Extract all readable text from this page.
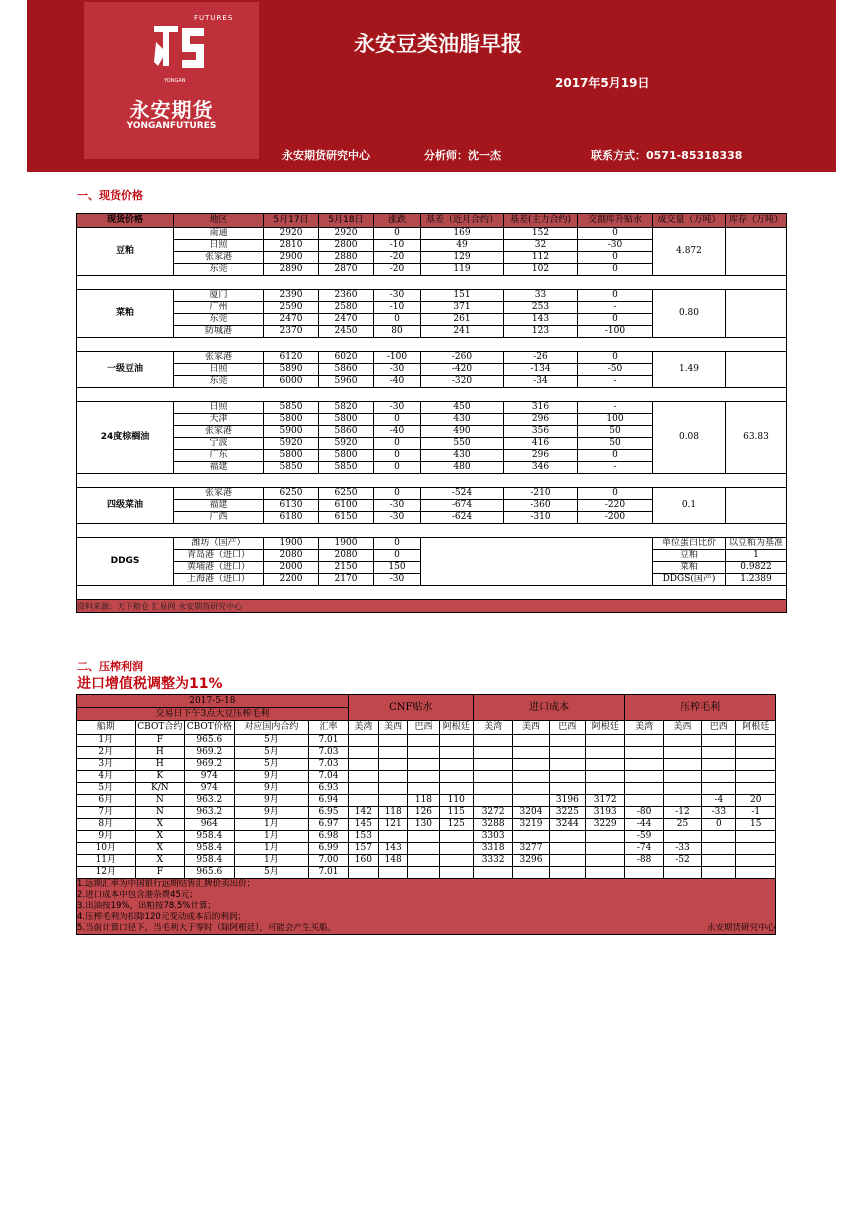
FUTURES
YONGAN
永安期货
YONGANFUTURES
永安豆类油脂早报
2017年5月19日
永安期货研究中心	分析师：沈一杰	联系方式：0571-85318338
一、现货价格
现货价格	地区	5月17日	5月18日	涨跌	基差（近月合约）	基差(主力合约)	交割库升贴水	成交量（万吨）	库存（万吨）
豆粕	南通	2920	2920	0	169	152	0	4.872	
	日照	2810	2800	-10	49	32	-30		
	张家港	2900	2880	-20	129	112	0		
	东莞	2890	2870	-20	119	102	0		

菜粕	厦门	2390	2360	-30	151	33	0	0.80	
	广州	2590	2580	-10	371	253	-		
	东莞	2470	2470	0	261	143	0		
	防城港	2370	2450	80	241	123	-100		

一级豆油	张家港	6120	6020	-100	-260	-26	0	1.49	
	日照	5890	5860	-30	-420	-134	-50		
	东莞	6000	5960	-40	-320	-34	-		

24度棕榈油	日照	5850	5820	-30	450	316	-	0.08	63.83
	天津	5800	5800	0	430	296	100		
	张家港	5900	5860	-40	490	356	50		
	宁波	5920	5920	0	550	416	50		
	广东	5800	5800	0	430	296	0		
	福建	5850	5850	0	480	346	-		

四级菜油	张家港	6250	6250	0	-524	-210	0	0.1	
	福建	6130	6100	-30	-674	-360	-220		
	广西	6180	6150	-30	-624	-310	-200		

DDGS	潍坊（国产）	1900	1900	0				单位蛋白比价	以豆粕为基准
	青岛港（进口）	2080	2080	0				豆粕	1
	黄埔港（进口）	2000	2150	150				菜粕	0.9822
	上海港（进口）	2200	2170	-30				DDGS(国产)	1.2389

资料来源：天下粮仓 汇易网 永安期货研究中心									
二、压榨利润
进口增值税调整为11%
2017-5-18					CNF贴水				进口成本				压榨毛利			
交易日下午3点大豆压榨毛利																
船期	CBOT合约	CBOT价格	对应国内合约	汇率	美湾	美西	巴西	阿根廷	美湾	美西	巴西	阿根廷	美湾	美西	巴西	阿根廷
1月	F	965.6	5月	7.01												
2月	H	969.2	5月	7.03												
3月	H	969.2	5月	7.03												
4月	K	974	9月	7.04												
5月	K/N	974	9月	6.93												
6月	N	963.2	9月	6.94			118	110			3196	3172			-4	20
7月	N	963.2	9月	6.95	142	118	126	115	3272	3204	3225	3193	-80	-12	-33	-1
8月	X	964	1月	6.97	145	121	130	125	3288	3219	3244	3229	-44	25	0	15
9月	X	958.4	1月	6.98	153				3303				-59			
10月	X	958.4	1月	6.99	157	143			3318	3277			-74	-33		
11月	X	958.4	1月	7.00	160	148			3332	3296			-88	-52		
12月	F	965.6	5月	7.01												
1.远期汇率为中国银行远期结售汇牌价卖出价；																
2.进口成本中包含港杂费45元；																
3.出油按19%，出粕按78.5%计算；																
4.压榨毛利为扣除120元变动成本后的利润；																
5.当前计算口径下，当毛利大于零时（除阿根廷），可能会产生买船。 永安期货研究中心																
